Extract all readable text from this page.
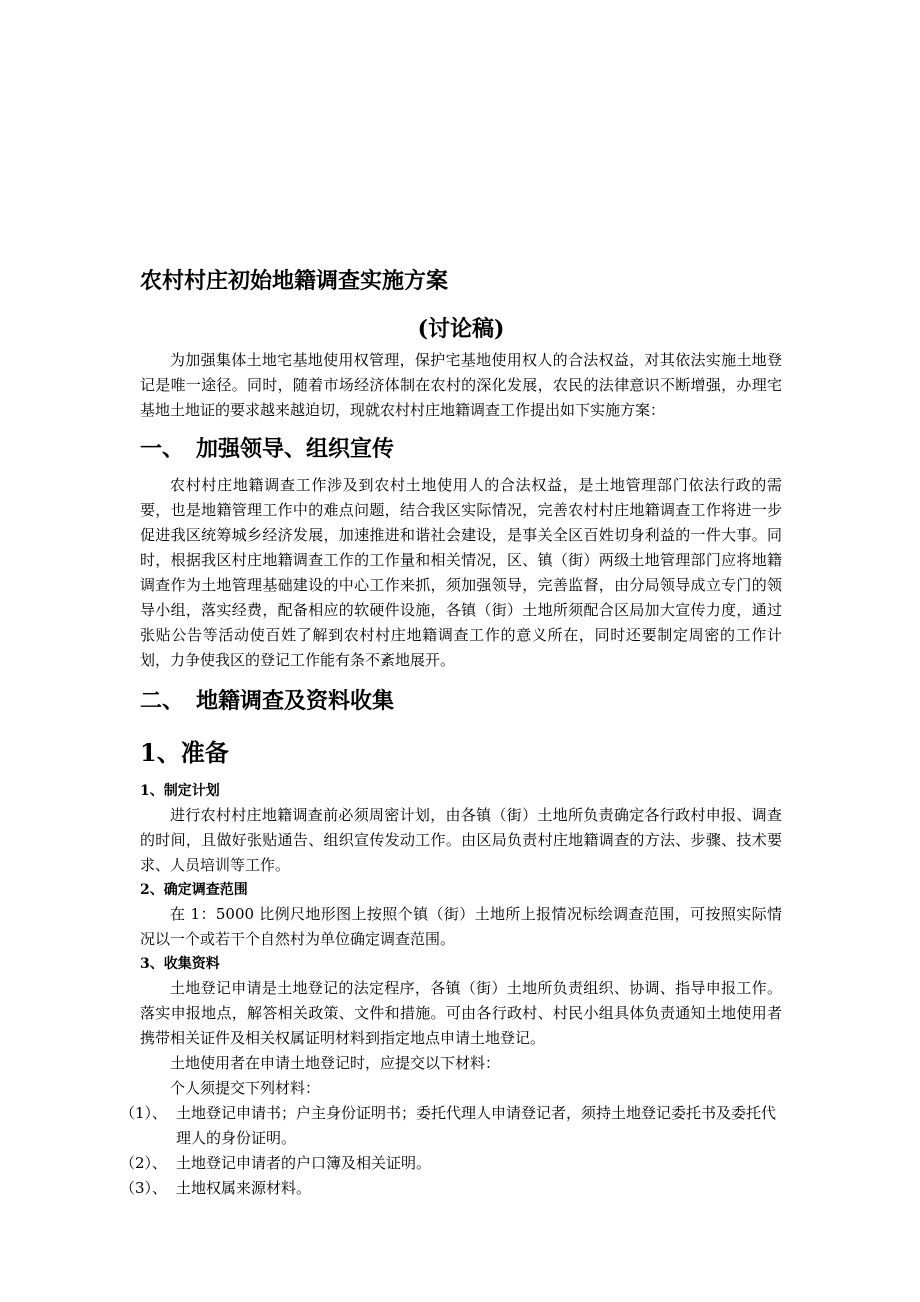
农村村庄初始地籍调查实施方案
(讨论稿)

为加强集体土地宅基地使用权管理，保护宅基地使用权人的合法权益，对其依法实施土地登记是唯一途径。同时，随着市场经济体制在农村的深化发展，农民的法律意识不断增强，办理宅基地土地证的要求越来越迫切，现就农村村庄地籍调查工作提出如下实施方案：

一、 加强领导、组织宣传

农村村庄地籍调查工作涉及到农村土地使用人的合法权益，是土地管理部门依法行政的需要，也是地籍管理工作中的难点问题，结合我区实际情况，完善农村村庄地籍调查工作将进一步促进我区统筹城乡经济发展，加速推进和谐社会建设，是事关全区百姓切身利益的一件大事。同时，根据我区村庄地籍调查工作的工作量和相关情况，区、镇（街）两级土地管理部门应将地籍调查作为土地管理基础建设的中心工作来抓，须加强领导，完善监督，由分局领导成立专门的领导小组，落实经费，配备相应的软硬件设施，各镇（街）土地所须配合区局加大宣传力度，通过张贴公告等活动使百姓了解到农村村庄地籍调查工作的意义所在，同时还要制定周密的工作计划，力争使我区的登记工作能有条不紊地展开。

二、 地籍调查及资料收集
1、准备
1、制定计划

进行农村村庄地籍调查前必须周密计划，由各镇（街）土地所负责确定各行政村申报、调查的时间，且做好张贴通告、组织宣传发动工作。由区局负责村庄地籍调查的方法、步骤、技术要求、人员培训等工作。

2、确定调查范围

在 1：5000 比例尺地形图上按照个镇（街）土地所上报情况标绘调查范围，可按照实际情况以一个或若干个自然村为单位确定调查范围。

3、收集资料

土地登记申请是土地登记的法定程序，各镇（街）土地所负责组织、协调、指导申报工作。落实申报地点，解答相关政策、文件和措施。可由各行政村、村民小组具体负责通知土地使用者携带相关证件及相关权属证明材料到指定地点申请土地登记。

土地使用者在申请土地登记时，应提交以下材料：

个人须提交下列材料：

（1）、 土地登记申请书；户主身份证明书；委托代理人申请登记者，须持土地登记委托书及委托代理人的身份证明。
（2）、 土地登记申请者的户口簿及相关证明。
（3）、 土地权属来源材料。
